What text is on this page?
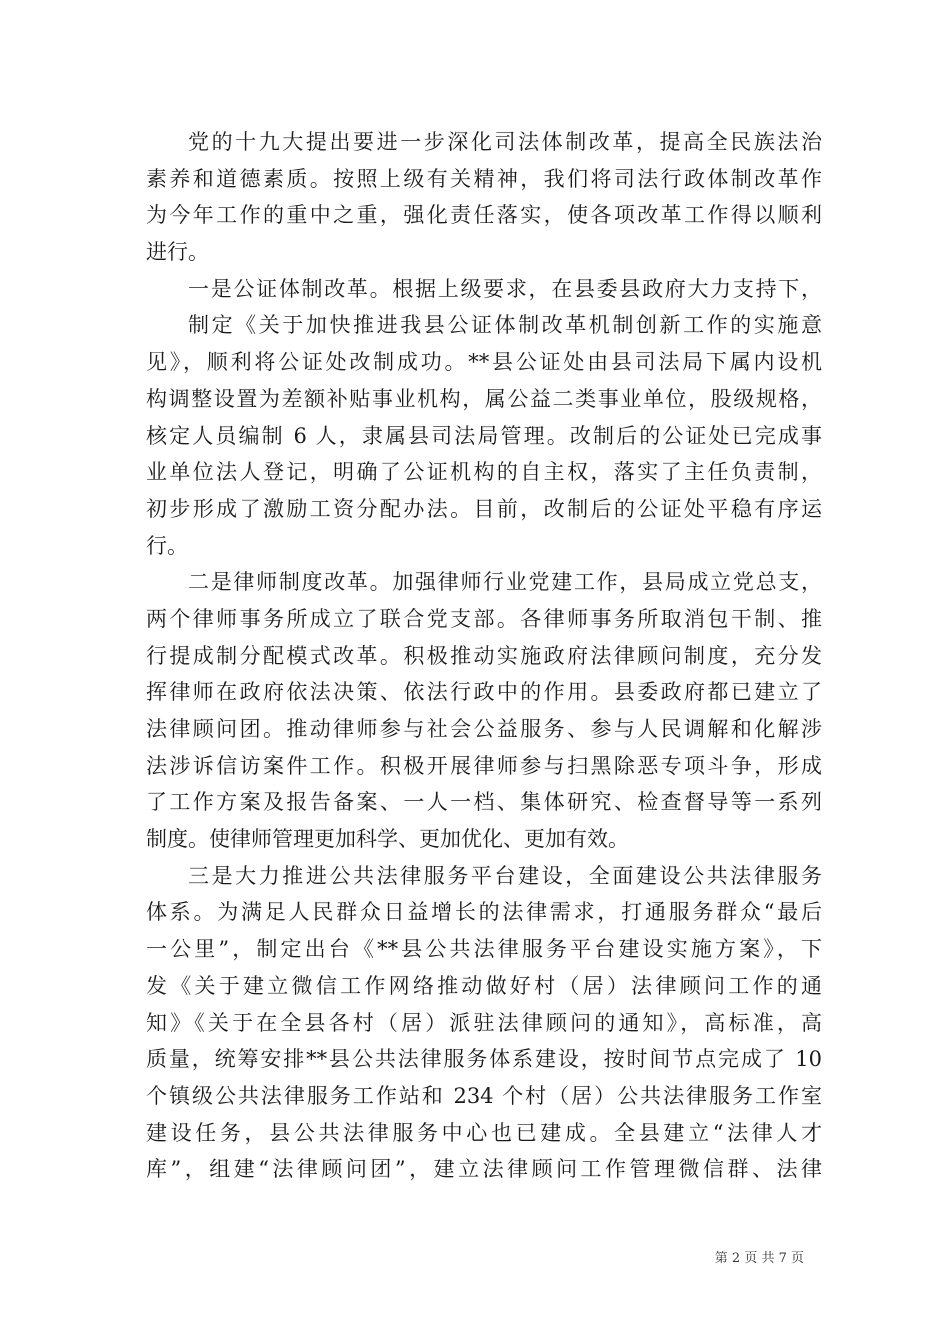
党的十九大提出要进一步深化司法体制改革，提高全民族法治
素养和道德素质。按照上级有关精神，我们将司法行政体制改革作
为今年工作的重中之重，强化责任落实，使各项改革工作得以顺利
进行。
一是公证体制改革。根据上级要求，在县委县政府大力支持下，
制定《关于加快推进我县公证体制改革机制创新工作的实施意
见》，顺利将公证处改制成功。**县公证处由县司法局下属内设机
构调整设置为差额补贴事业机构，属公益二类事业单位，股级规格，
核定人员编制 6 人，隶属县司法局管理。改制后的公证处已完成事
业单位法人登记，明确了公证机构的自主权，落实了主任负责制，
初步形成了激励工资分配办法。目前，改制后的公证处平稳有序运
行。
二是律师制度改革。加强律师行业党建工作，县局成立党总支，
两个律师事务所成立了联合党支部。各律师事务所取消包干制、推
行提成制分配模式改革。积极推动实施政府法律顾问制度，充分发
挥律师在政府依法决策、依法行政中的作用。县委政府都已建立了
法律顾问团。推动律师参与社会公益服务、参与人民调解和化解涉
法涉诉信访案件工作。积极开展律师参与扫黑除恶专项斗争，形成
了工作方案及报告备案、一人一档、集体研究、检查督导等一系列
制度。使律师管理更加科学、更加优化、更加有效。
三是大力推进公共法律服务平台建设，全面建设公共法律服务
体系。为满足人民群众日益增长的法律需求，打通服务群众“最后
一公里”，制定出台《**县公共法律服务平台建设实施方案》，下
发《关于建立微信工作网络推动做好村（居）法律顾问工作的通
知》《关于在全县各村（居）派驻法律顾问的通知》，高标准，高
质量，统筹安排**县公共法律服务体系建设，按时间节点完成了 10
个镇级公共法律服务工作站和 234 个村（居）公共法律服务工作室
建设任务，县公共法律服务中心也已建成。全县建立“法律人才
库”，组建“法律顾问团”，建立法律顾问工作管理微信群、法律
第 2 页 共 7 页
